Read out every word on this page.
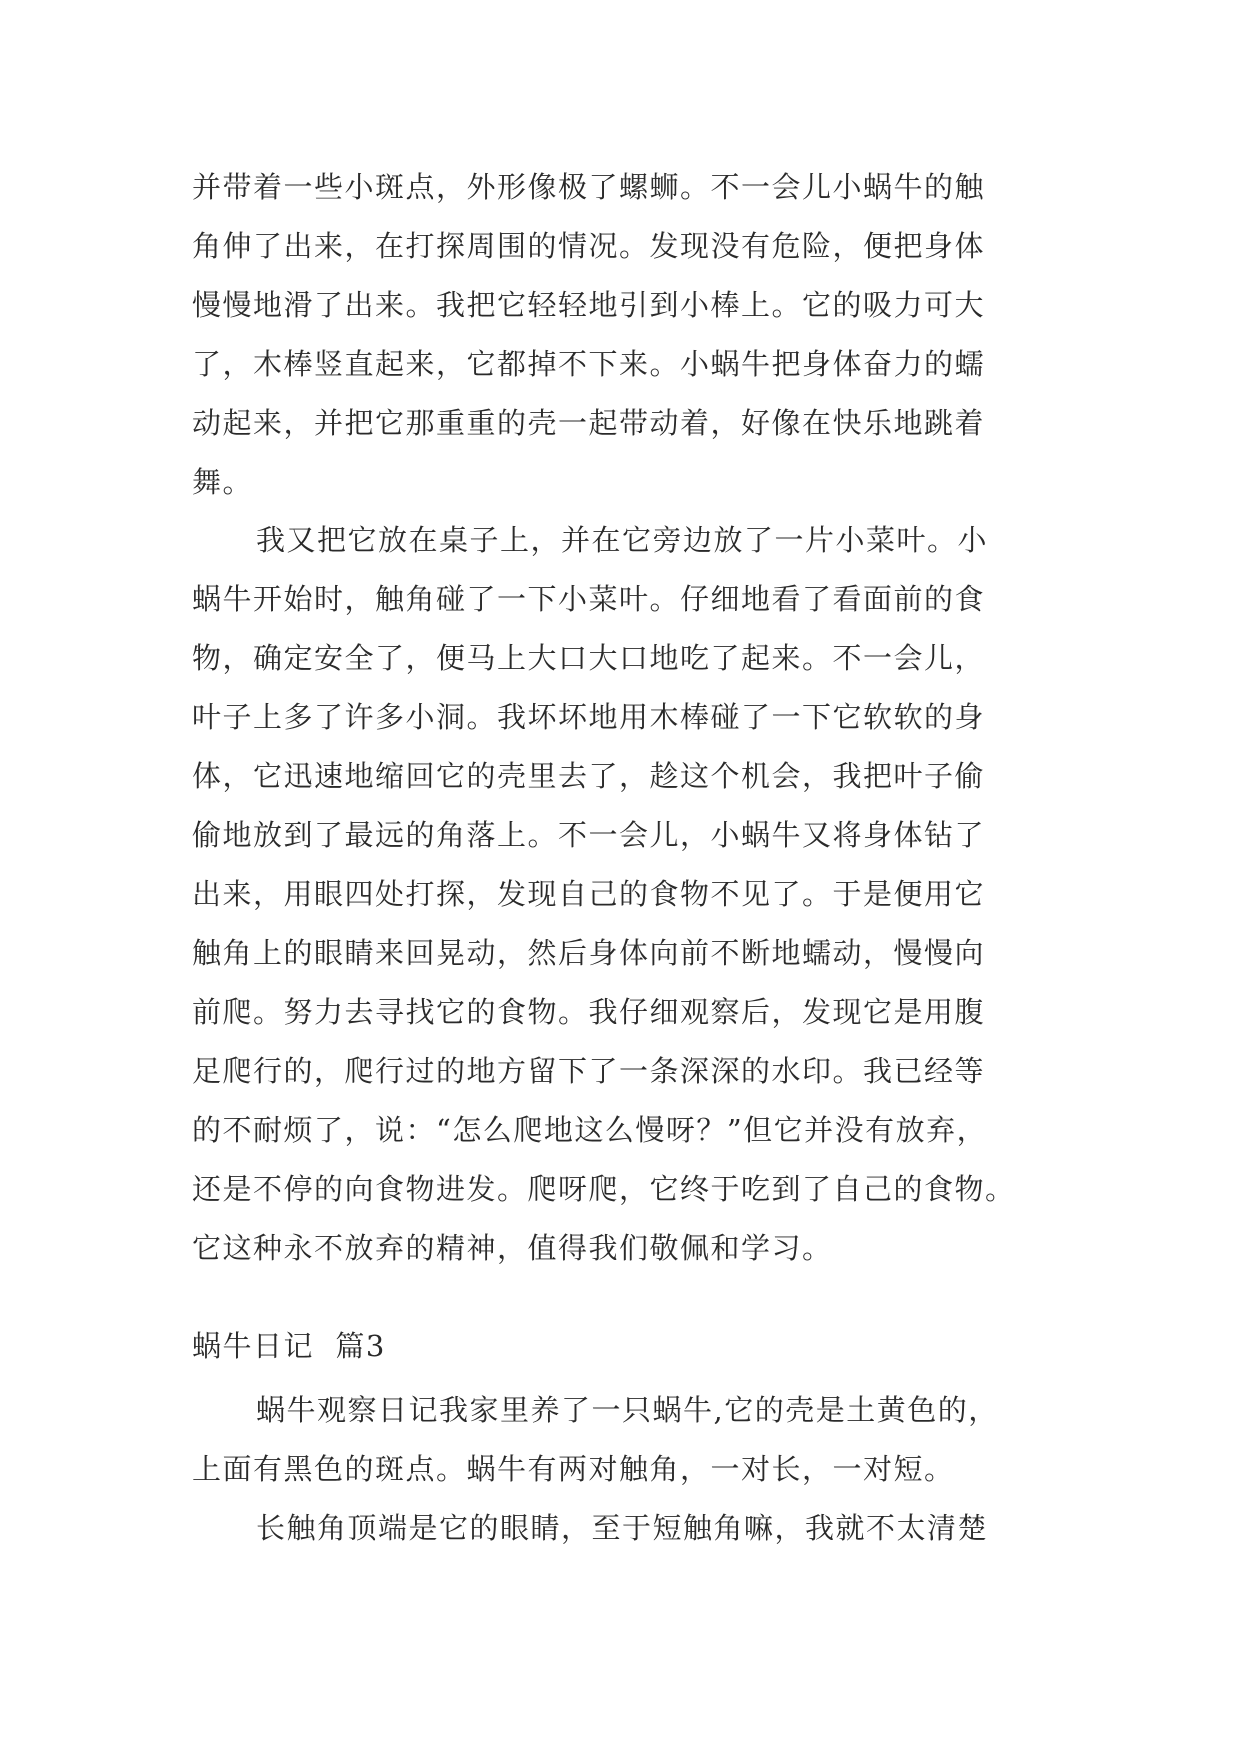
并带着一些小斑点，外形像极了螺蛳。不一会儿小蜗牛的触
角伸了出来，在打探周围的情况。发现没有危险，便把身体
慢慢地滑了出来。我把它轻轻地引到小棒上。它的吸力可大
了，木棒竖直起来，它都掉不下来。小蜗牛把身体奋力的蠕
动起来，并把它那重重的壳一起带动着，好像在快乐地跳着
舞。
我又把它放在桌子上，并在它旁边放了一片小菜叶。小
蜗牛开始时，触角碰了一下小菜叶。仔细地看了看面前的食
物，确定安全了，便马上大口大口地吃了起来。不一会儿，
叶子上多了许多小洞。我坏坏地用木棒碰了一下它软软的身
体，它迅速地缩回它的壳里去了，趁这个机会，我把叶子偷
偷地放到了最远的角落上。不一会儿，小蜗牛又将身体钻了
出来，用眼四处打探，发现自己的食物不见了。于是便用它
触角上的眼睛来回晃动，然后身体向前不断地蠕动，慢慢向
前爬。努力去寻找它的食物。我仔细观察后，发现它是用腹
足爬行的，爬行过的地方留下了一条深深的水印。我已经等
的不耐烦了，说：“怎么爬地这么慢呀？”但它并没有放弃，
还是不停的向食物进发。爬呀爬，它终于吃到了自己的食物。
它这种永不放弃的精神，值得我们敬佩和学习。
蜗牛日记  篇3
蜗牛观察日记我家里养了一只蜗牛,它的壳是土黄色的，
上面有黑色的斑点。蜗牛有两对触角，一对长，一对短。
长触角顶端是它的眼睛，至于短触角嘛，我就不太清楚
